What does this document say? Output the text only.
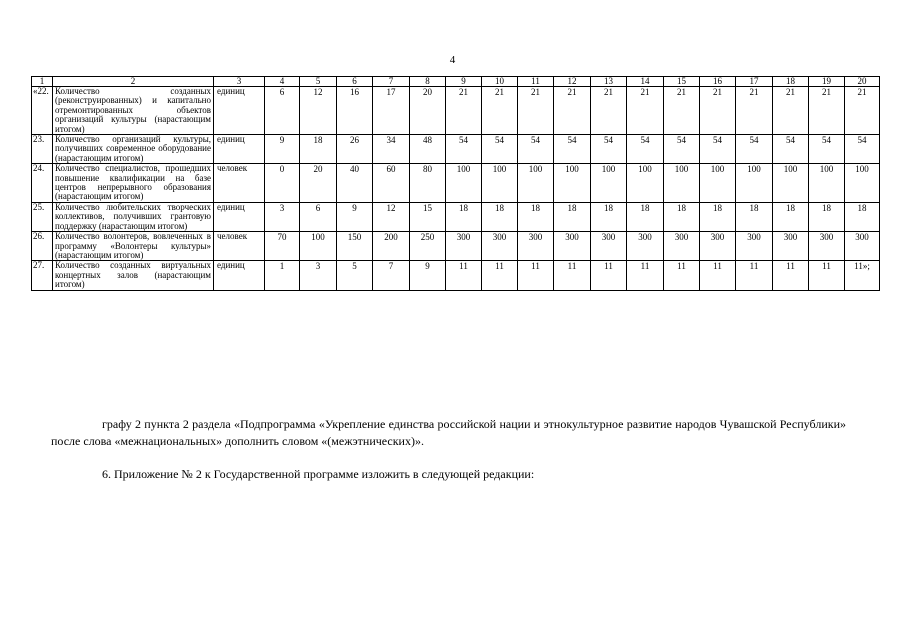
4
1	2	3	4	5	6	7	8	9	10	11	12	13	14	15	16	17	18	19	20
«22.	Количество созданных (реконструированных) и капитально отремонтированных объектов организаций культуры (нарастающим итогом)	единиц	6	12	16	17	20	21	21	21	21	21	21	21	21	21	21	21	21
23.	Количество организаций культуры, получивших современное оборудование (нарастающим итогом)	единиц	9	18	26	34	48	54	54	54	54	54	54	54	54	54	54	54	54
24.	Количество специалистов, прошедших повышение квалификации на базе центров непрерывного образования (нарастающим итогом)	человек	0	20	40	60	80	100	100	100	100	100	100	100	100	100	100	100	100
25.	Количество любительских творческих коллективов, получивших грантовую поддержку (нарастающим итогом)	единиц	3	6	9	12	15	18	18	18	18	18	18	18	18	18	18	18	18
26.	Количество волонтеров, вовлеченных в программу «Волонтеры культуры» (нарастающим итогом)	человек	70	100	150	200	250	300	300	300	300	300	300	300	300	300	300	300	300
27.	Количество созданных виртуальных концертных залов (нарастающим итогом)	единиц	1	3	5	7	9	11	11	11	11	11	11	11	11	11	11	11	11»;
графу 2 пункта 2 раздела «Подпрограмма «Укрепление единства российской нации и этнокультурное развитие народов Чувашской Республики» после слова «межнациональных» дополнить словом «(межэтнических)».
6. Приложение № 2 к Государственной программе изложить в следующей редакции:
